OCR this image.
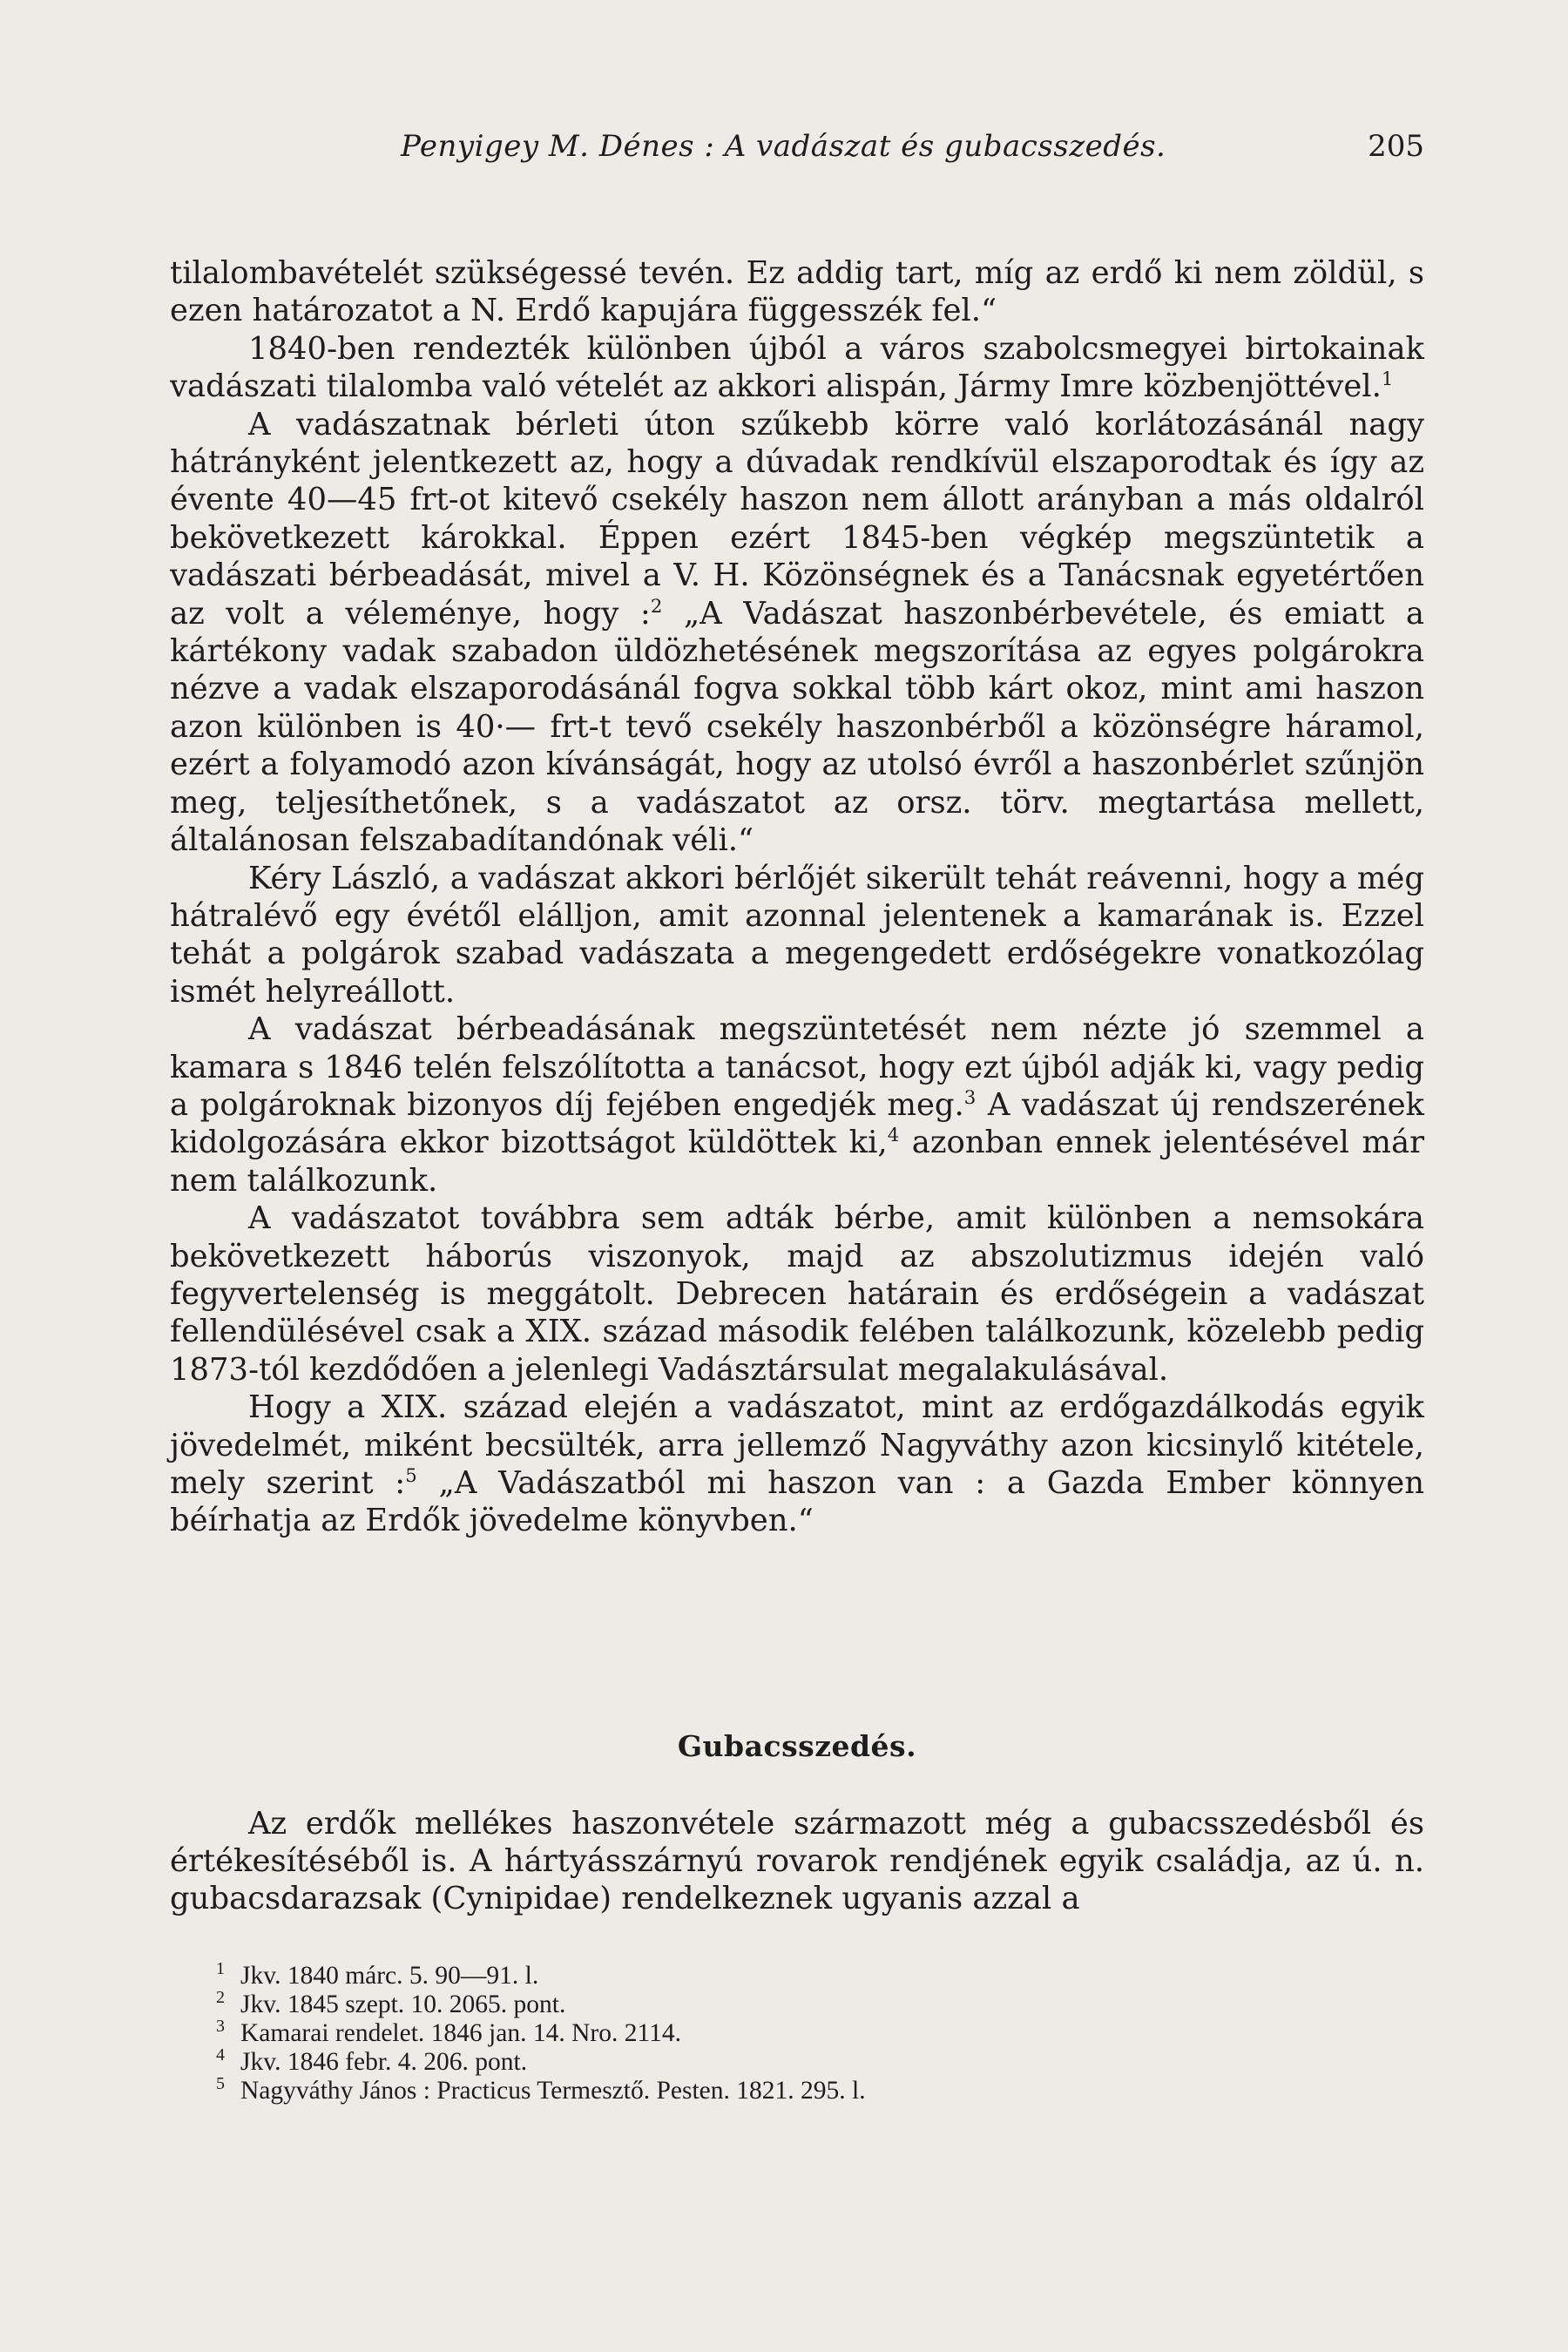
Penyigey M. Dénes : A vadászat és gubacsszedés.	205

tilalombavételét szükségessé tevén. Ez addig tart, míg az erdő ki nem zöldül, s ezen határozatot a N. Erdő kapujára függesszék fel.“

1840-ben rendezték különben újból a város szabolcsmegyei birtokainak vadászati tilalomba való vételét az akkori alispán, Jármy Imre közbenjöttével.$^1$

A vadászatnak bérleti úton szűkebb körre való korlátozásánál nagy hátrányként jelentkezett az, hogy a dúvadak rendkívül elszaporodtak és így az évente 40—45 frt-ot kitevő csekély haszon nem állott arányban a más oldalról bekövetkezett károkkal. Éppen ezért 1845-ben végkép megszüntetik a vadászati bérbeadását, mivel a V. H. Közönségnek és a Tanácsnak egyetértően az volt a véleménye, hogy :$^2$ „A Vadászat haszonbérbevétele, és emiatt a kártékony vadak szabadon üldözhetésének megszorítása az egyes polgárokra nézve a vadak elszaporodásánál fogva sokkal több kárt okoz, mint ami haszon azon különben is 40·— frt-t tevő csekély haszonbérből a közönségre háramol, ezért a folyamodó azon kívánságát, hogy az utolsó évről a haszonbérlet szűnjön meg, teljesíthetőnek, s a vadászatot az orsz. törv. megtartása mellett, általánosan felszabadítandónak véli.“

Kéry László, a vadászat akkori bérlőjét sikerült tehát reávenni, hogy a még hátralévő egy évétől elálljon, amit azonnal jelentenek a kamarának is. Ezzel tehát a polgárok szabad vadászata a megengedett erdőségekre vonatkozólag ismét helyreállott.

A vadászat bérbeadásának megszüntetését nem nézte jó szemmel a kamara s 1846 telén felszólította a tanácsot, hogy ezt újból adják ki, vagy pedig a polgároknak bizonyos díj fejében engedjék meg.$^3$ A vadászat új rendszerének kidolgozására ekkor bizottságot küldöttek ki,$^4$ azonban ennek jelentésével már nem találkozunk.

A vadászatot továbbra sem adták bérbe, amit különben a nemsokára bekövetkezett háborús viszonyok, majd az abszolutizmus idején való fegyvertelenség is meggátolt. Debrecen határain és erdőségein a vadászat fellendülésével csak a XIX. század második felében találkozunk, közelebb pedig 1873-tól kezdődően a jelenlegi Vadásztársulat megalakulásával.

Hogy a XIX. század elején a vadászatot, mint az erdőgazdálkodás egyik jövedelmét, miként becsülték, arra jellemző Nagyváthy azon kicsinylő kitétele, mely szerint :$^5$ „A Vadászatból mi haszon van : a Gazda Ember könnyen béírhatja az Erdők jövedelme könyvben.“

Gubacsszedés.

Az erdők mellékes haszonvétele származott még a gubacsszedésből és értékesítéséből is. A hártyásszárnyú rovarok rendjének egyik családja, az ú. n. gubacsdarazsak (Cynipidae) rendelkeznek ugyanis azzal a

1 Jkv. 1840 márc. 5. 90—91. l.
2 Jkv. 1845 szept. 10. 2065. pont.
3 Kamarai rendelet. 1846 jan. 14. Nro. 2114.
4 Jkv. 1846 febr. 4. 206. pont.
5 Nagyváthy János : Practicus Termesztő. Pesten. 1821. 295. l.
